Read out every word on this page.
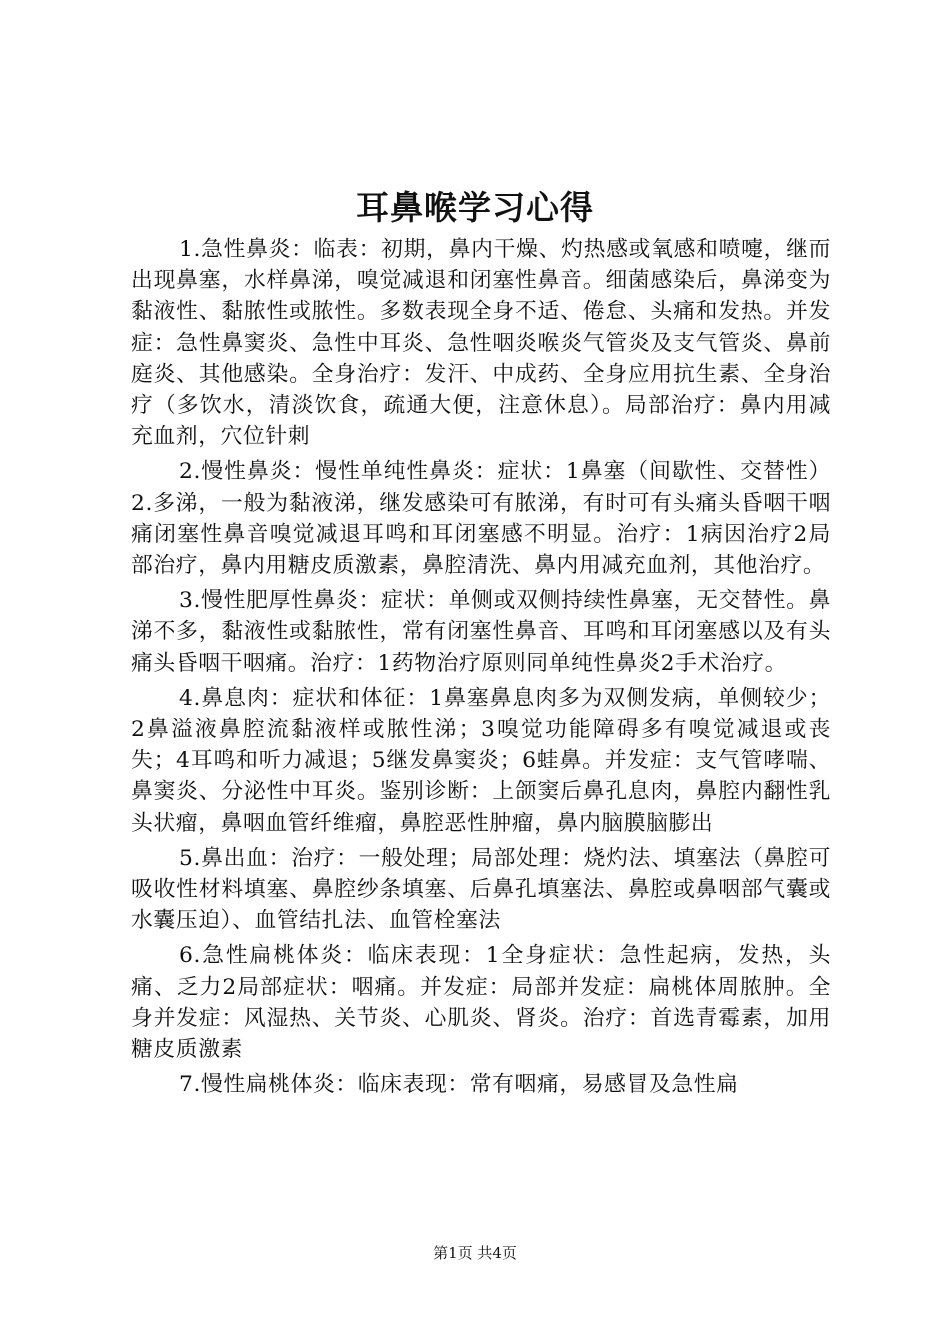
耳鼻喉学习心得

1.急性鼻炎：临表：初期，鼻内干燥、灼热感或氧感和喷嚏，继而出现鼻塞，水样鼻涕，嗅觉减退和闭塞性鼻音。细菌感染后，鼻涕变为黏液性、黏脓性或脓性。多数表现全身不适、倦怠、头痛和发热。并发症：急性鼻窦炎、急性中耳炎、急性咽炎喉炎气管炎及支气管炎、鼻前庭炎、其他感染。全身治疗：发汗、中成药、全身应用抗生素、全身治疗（多饮水，清淡饮食，疏通大便，注意休息）。局部治疗：鼻内用减充血剂，穴位针刺

2.慢性鼻炎：慢性单纯性鼻炎：症状：1鼻塞（间歇性、交替性）2.多涕，一般为黏液涕，继发感染可有脓涕，有时可有头痛头昏咽干咽痛闭塞性鼻音嗅觉减退耳鸣和耳闭塞感不明显。治疗：1病因治疗2局部治疗，鼻内用糖皮质激素，鼻腔清洗、鼻内用减充血剂，其他治疗。

3.慢性肥厚性鼻炎：症状：单侧或双侧持续性鼻塞，无交替性。鼻涕不多，黏液性或黏脓性，常有闭塞性鼻音、耳鸣和耳闭塞感以及有头痛头昏咽干咽痛。治疗：1药物治疗原则同单纯性鼻炎2手术治疗。

4.鼻息肉：症状和体征：1鼻塞鼻息肉多为双侧发病，单侧较少；2鼻溢液鼻腔流黏液样或脓性涕；3嗅觉功能障碍多有嗅觉减退或丧失；4耳鸣和听力减退；5继发鼻窦炎；6蛙鼻。并发症：支气管哮喘、鼻窦炎、分泌性中耳炎。鉴别诊断：上颌窦后鼻孔息肉，鼻腔内翻性乳头状瘤，鼻咽血管纤维瘤，鼻腔恶性肿瘤，鼻内脑膜脑膨出

5.鼻出血：治疗：一般处理；局部处理：烧灼法、填塞法（鼻腔可吸收性材料填塞、鼻腔纱条填塞、后鼻孔填塞法、鼻腔或鼻咽部气囊或水囊压迫）、血管结扎法、血管栓塞法

6.急性扁桃体炎：临床表现：1全身症状：急性起病，发热，头痛、乏力2局部症状：咽痛。并发症：局部并发症：扁桃体周脓肿。全身并发症：风湿热、关节炎、心肌炎、肾炎。治疗：首选青霉素，加用糖皮质激素

7.慢性扁桃体炎：临床表现：常有咽痛，易感冒及急性扁

第1页 共4页
